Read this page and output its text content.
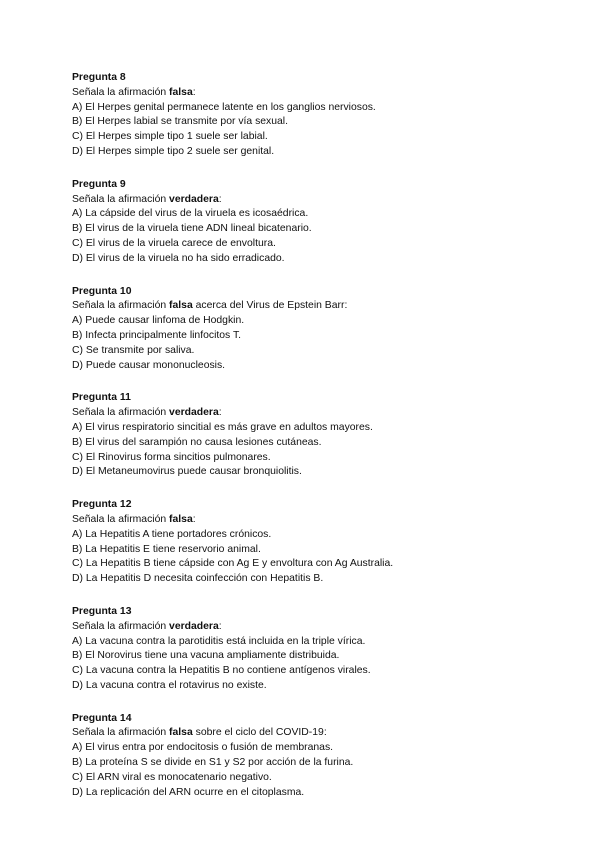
Pregunta 8
Señala la afirmación falsa:
A) El Herpes genital permanece latente en los ganglios nerviosos.
B) El Herpes labial se transmite por vía sexual.
C) El Herpes simple tipo 1 suele ser labial.
D) El Herpes simple tipo 2 suele ser genital.
Pregunta 9
Señala la afirmación verdadera:
A) La cápside del virus de la viruela es icosaédrica.
B) El virus de la viruela tiene ADN lineal bicatenario.
C) El virus de la viruela carece de envoltura.
D) El virus de la viruela no ha sido erradicado.
Pregunta 10
Señala la afirmación falsa acerca del Virus de Epstein Barr:
A) Puede causar linfoma de Hodgkin.
B) Infecta principalmente linfocitos T.
C) Se transmite por saliva.
D) Puede causar mononucleosis.
Pregunta 11
Señala la afirmación verdadera:
A) El virus respiratorio sincitial es más grave en adultos mayores.
B) El virus del sarampión no causa lesiones cutáneas.
C) El Rinovirus forma sincitios pulmonares.
D) El Metaneumovirus puede causar bronquiolitis.
Pregunta 12
Señala la afirmación falsa:
A) La Hepatitis A tiene portadores crónicos.
B) La Hepatitis E tiene reservorio animal.
C) La Hepatitis B tiene cápside con Ag E y envoltura con Ag Australia.
D) La Hepatitis D necesita coinfección con Hepatitis B.
Pregunta 13
Señala la afirmación verdadera:
A) La vacuna contra la parotiditis está incluida en la triple vírica.
B) El Norovirus tiene una vacuna ampliamente distribuida.
C) La vacuna contra la Hepatitis B no contiene antígenos virales.
D) La vacuna contra el rotavirus no existe.
Pregunta 14
Señala la afirmación falsa sobre el ciclo del COVID-19:
A) El virus entra por endocitosis o fusión de membranas.
B) La proteína S se divide en S1 y S2 por acción de la furina.
C) El ARN viral es monocatenario negativo.
D) La replicación del ARN ocurre en el citoplasma.
